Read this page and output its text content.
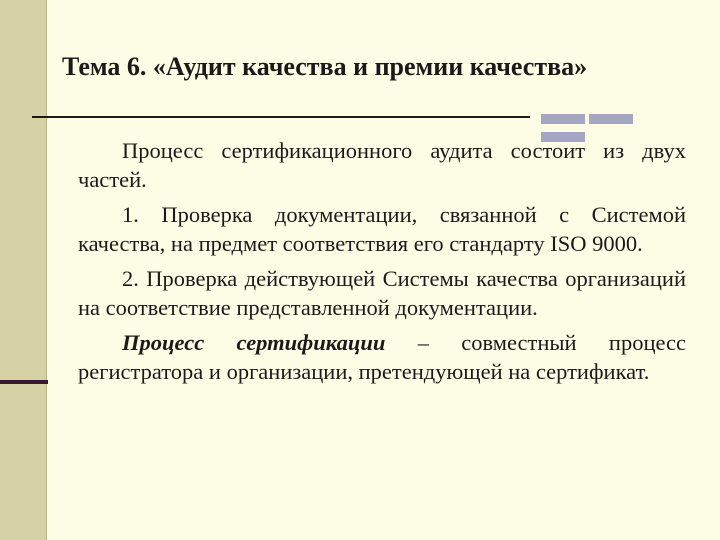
Тема 6. «Аудит качества и премии качества»

Процесс сертификационного аудита состоит из двух частей.

1. Проверка документации, связанной с Системой качества, на предмет соответствия его стандарту ISO 9000.

2. Проверка действующей Системы качества организаций на соответствие представленной документации.

Процесс сертификации – совместный процесс регистратора и организации, претендующей на сертификат.
